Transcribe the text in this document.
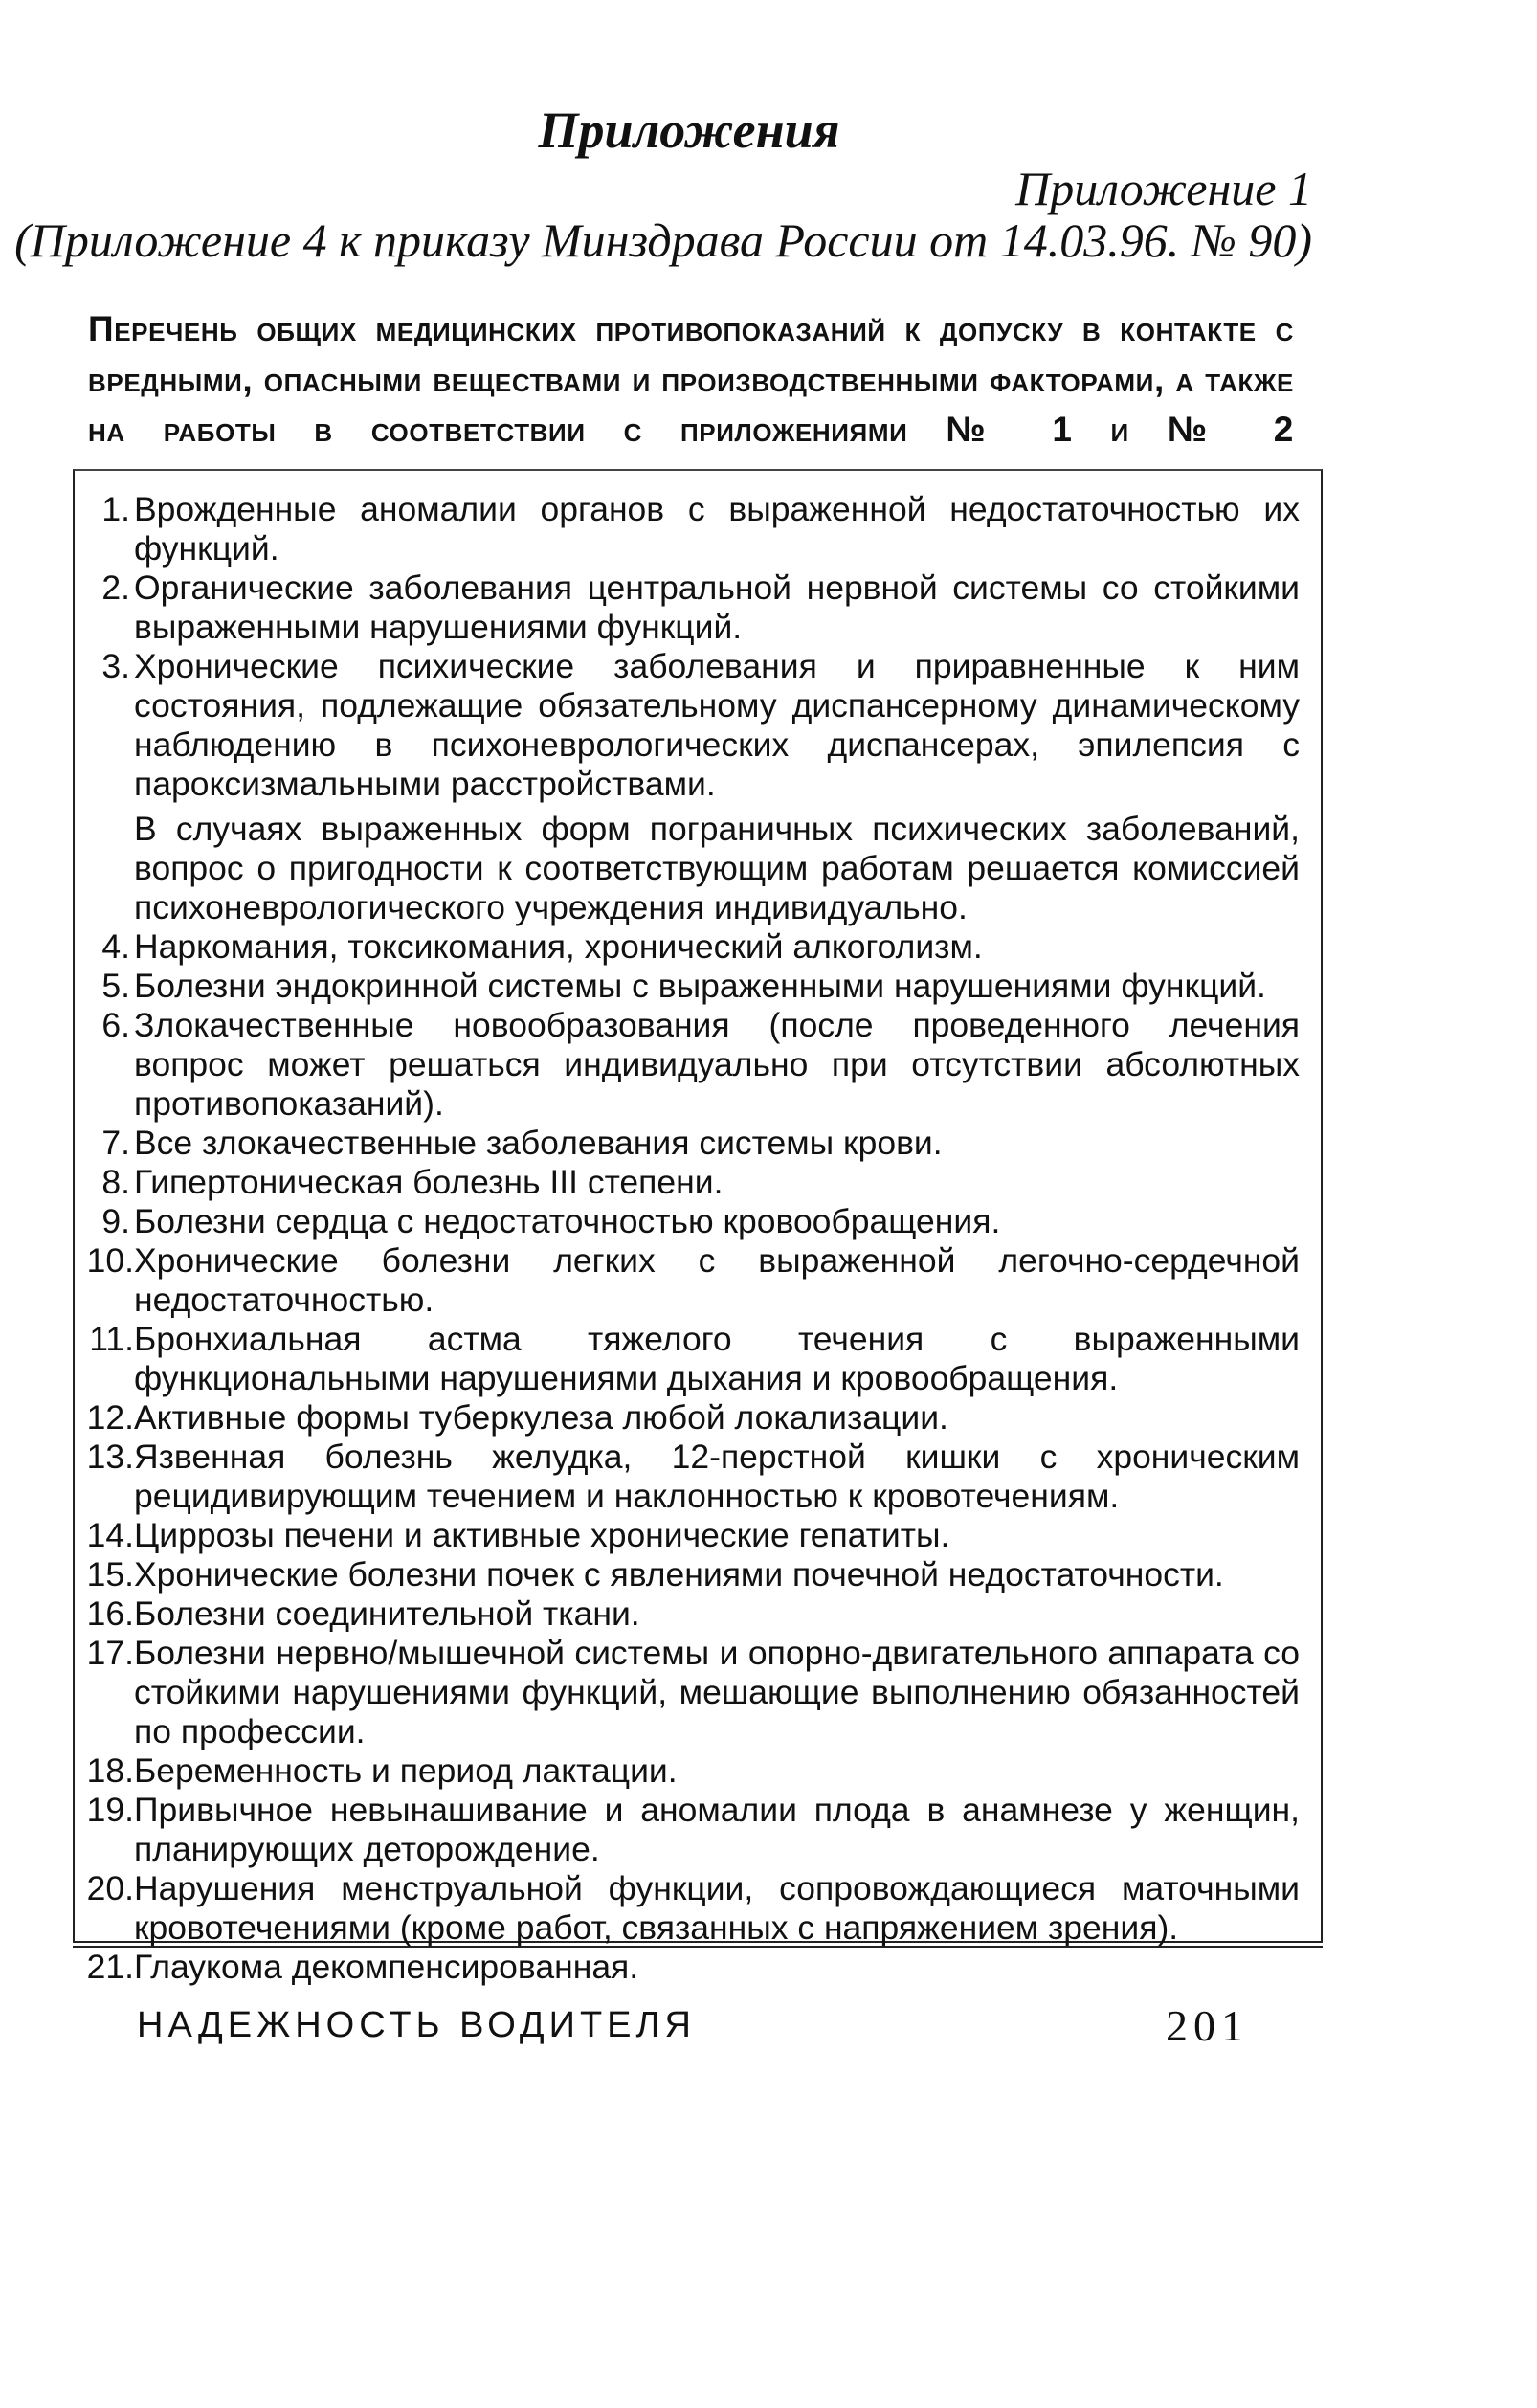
Приложения
Приложение 1
(Приложение 4 к приказу Минздрава России от 14.03.96. № 90)
Перечень общих медицинских противопоказаний к допуску в контакте с вредными, опасными веществами и производственными факторами, а также на работы в соответствии с приложениями № 1 и № 2
1. Врожденные аномалии органов с выраженной недостаточностью их функций.
2. Органические заболевания центральной нервной системы со стойкими выраженными нарушениями функций.
3. Хронические психические заболевания и приравненные к ним состояния, подлежащие обязательному диспансерному динамическому наблюдению в психоневрологических диспансерах, эпилепсия с пароксизмальными расстройствами.
В случаях выраженных форм пограничных психических заболеваний, вопрос о пригодности к соответствующим работам решается комиссией психоневрологического учреждения индивидуально.
4. Наркомания, токсикомания, хронический алкоголизм.
5. Болезни эндокринной системы с выраженными нарушениями функций.
6. Злокачественные новообразования (после проведенного лечения вопрос может решаться индивидуально при отсутствии абсолютных противопоказаний).
7. Все злокачественные заболевания системы крови.
8. Гипертоническая болезнь III степени.
9. Болезни сердца с недостаточностью кровообращения.
10. Хронические болезни легких с выраженной легочно-сердечной недостаточностью.
11. Бронхиальная астма тяжелого течения с выраженными функциональными нарушениями дыхания и кровообращения.
12. Активные формы туберкулеза любой локализации.
13. Язвенная болезнь желудка, 12-перстной кишки с хроническим рецидивирующим течением и наклонностью к кровотечениям.
14. Циррозы печени и активные хронические гепатиты.
15. Хронические болезни почек с явлениями почечной недостаточности.
16. Болезни соединительной ткани.
17. Болезни нервно/мышечной системы и опорно-двигательного аппарата со стойкими нарушениями функций, мешающие выполнению обязанностей по профессии.
18. Беременность и период лактации.
19. Привычное невынашивание и аномалии плода в анамнезе у женщин, планирующих деторождение.
20. Нарушения менструальной функции, сопровождающиеся маточными кровотечениями (кроме работ, связанных с напряжением зрения).
21. Глаукома декомпенсированная.
НАДЕЖНОСТЬ ВОДИТЕЛЯ	201
